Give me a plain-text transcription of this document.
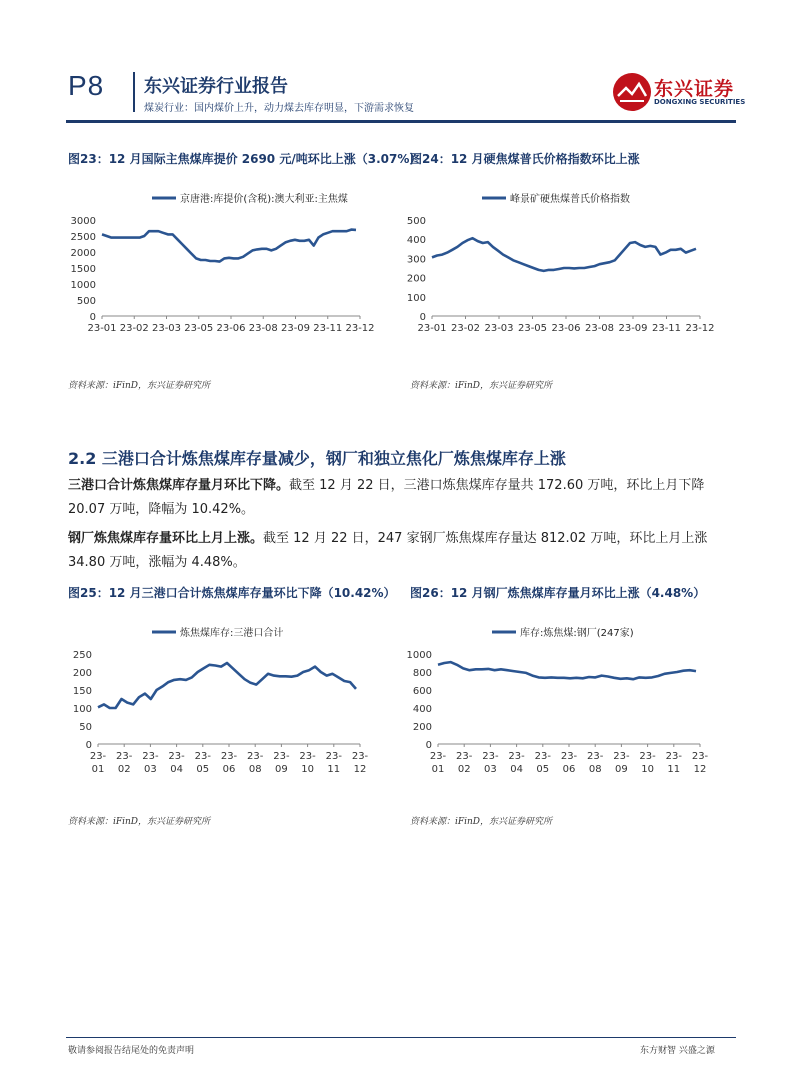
P8 东兴证券行业报告
煤炭行业：国内煤价上升，动力煤去库存明显，下游需求恢复
东兴证券
DONGXING SECURITIES
图23：12 月国际主焦煤库提价 2690 元/吨环比上涨（3.07%）
图24：12 月硬焦煤普氏价格指数环比上涨
京唐港:库提价(含税):澳大利亚:主焦煤
0
500
1000
1500
2000
2500
3000
23-01 23-02 23-03 23-05 23-06 23-08 23-09 23-11 23-12
峰景矿硬焦煤普氏价格指数
0
100
200
300
400
500
23-01 23-02 23-03 23-05 23-06 23-08 23-09 23-11 23-12
资料来源：iFinD，东兴证券研究所	资料来源：iFinD，东兴证券研究所
2.2 三港口合计炼焦煤库存量减少，钢厂和独立焦化厂炼焦煤库存上涨
三港口合计炼焦煤库存量月环比下降。截至 12 月 22 日，三港口炼焦煤库存量共 172.60 万吨，环比上月下降 20.07 万吨，降幅为 10.42%。
钢厂炼焦煤库存量环比上月上涨。截至 12 月 22 日，247 家钢厂炼焦煤库存量达 812.02 万吨，环比上月上涨 34.80 万吨，涨幅为 4.48%。
图25：12 月三港口合计炼焦煤库存量环比下降（10.42%） 图26：12 月钢厂炼焦煤库存量月环比上涨（4.48%）
炼焦煤库存:三港口合计
0
50
100
150
200
250
23-
01
23-
02
23-
03
23-
04
23-
05
23-
06
23-
08
23-
09
23-
10
23-
11
23-
12
库存:炼焦煤:钢厂(247家)
0
200
400
600
800
1000
23-
01
23-
02
23-
03
23-
04
23-
05
23-
06
23-
08
23-
09
23-
10
23-
11
23-
12
资料来源：iFinD，东兴证券研究所	资料来源：iFinD，东兴证券研究所
敬请参阅报告结尾处的免责声明	东方财智 兴盛之源
